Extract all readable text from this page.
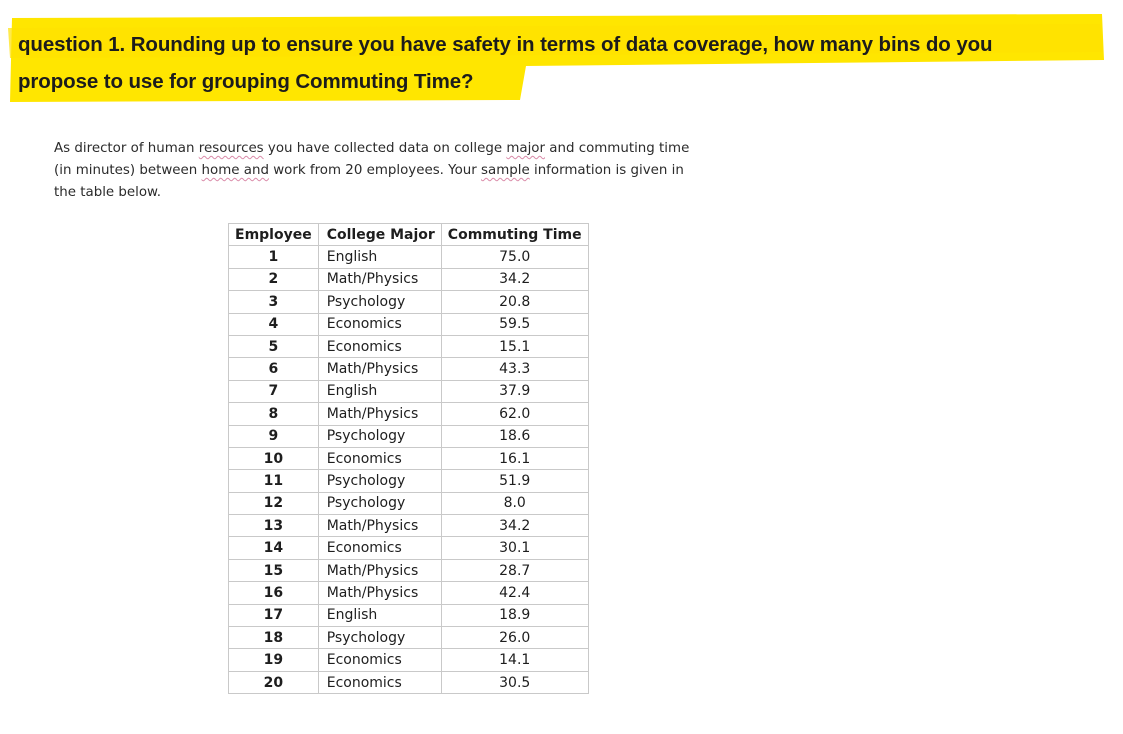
question 1. Rounding up to ensure you have safety in terms of data coverage, how many bins do you
propose to use for grouping Commuting Time?
As director of human resources you have collected data on college major and commuting time
(in minutes) between home and work from 20 employees. Your sample information is given in
the table below.
Employee	College Major	Commuting Time
1	English	75.0
2	Math/Physics	34.2
3	Psychology	20.8
4	Economics	59.5
5	Economics	15.1
6	Math/Physics	43.3
7	English	37.9
8	Math/Physics	62.0
9	Psychology	18.6
10	Economics	16.1
11	Psychology	51.9
12	Psychology	8.0
13	Math/Physics	34.2
14	Economics	30.1
15	Math/Physics	28.7
16	Math/Physics	42.4
17	English	18.9
18	Psychology	26.0
19	Economics	14.1
20	Economics	30.5
